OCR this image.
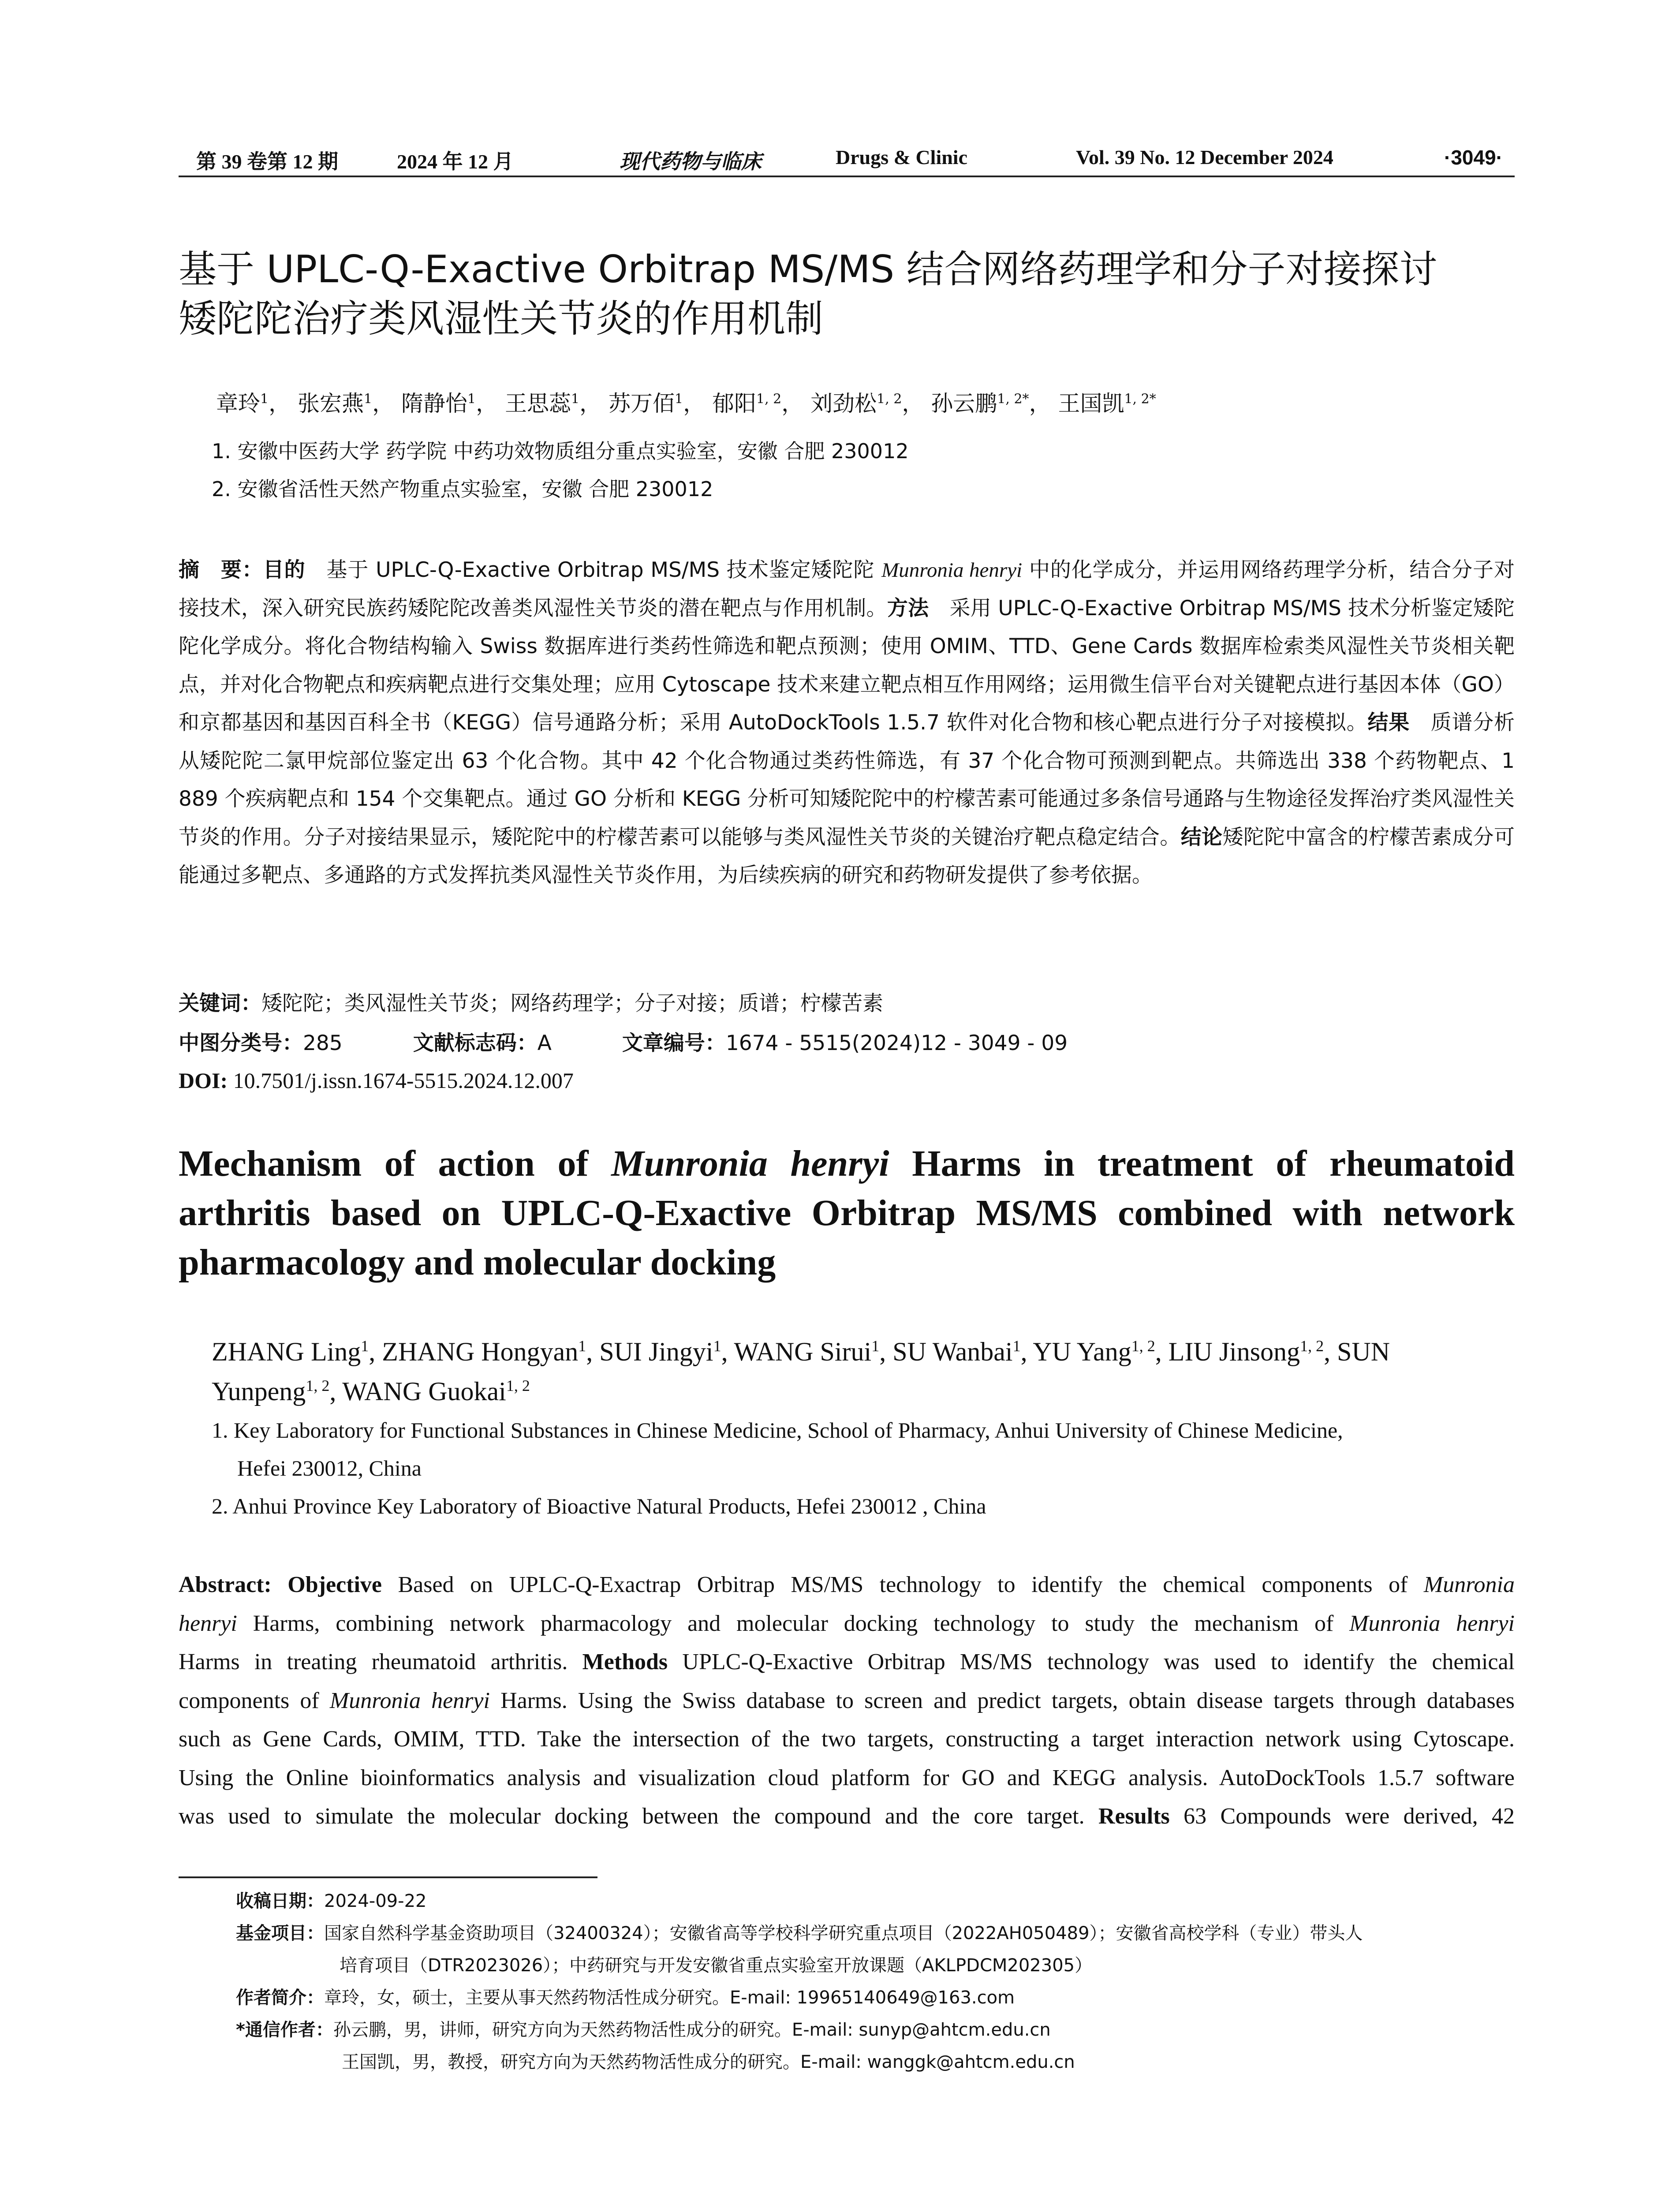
第 39 卷第 12 期	2024 年 12 月	现代药物与临床	Drugs & Clinic	Vol. 39 No. 12 December 2024	·3049·
基于 UPLC-Q-Exactive Orbitrap MS/MS 结合网络药理学和分子对接探讨
矮陀陀治疗类风湿性关节炎的作用机制
章玲$^1$， 张宏燕$^1$， 隋静怡$^1$， 王思蕊$^1$， 苏万佰$^1$， 郁阳$^{1, 2}$， 刘劲松$^{1, 2}$， 孙云鹏$^{1, 2*}$， 王国凯$^{1, 2*}$
1. 安徽中医药大学 药学院 中药功效物质组分重点实验室，安徽 合肥 230012
2. 安徽省活性天然产物重点实验室，安徽 合肥 230012
摘　要：目的　 基于 UPLC-Q-Exactive Orbitrap MS/MS 技术鉴定矮陀陀 Munronia henryi 中的化学成分，并运用网络药理学分析，结合分子对接技术，深入研究民族药矮陀陀改善类风湿性关节炎的潜在靶点与作用机制。方法　 采用 UPLC-Q-Exactive Orbitrap MS/MS 技术分析鉴定矮陀陀化学成分。将化合物结构输入 Swiss 数据库进行类药性筛选和靶点预测；使用 OMIM、TTD、Gene Cards 数据库检索类风湿性关节炎相关靶点，并对化合物靶点和疾病靶点进行交集处理；应用 Cytoscape 技术来建立靶点相互作用网络；运用微生信平台对关键靶点进行基因本体（GO）和京都基因和基因百科全书（KEGG）信号通路分析；采用 AutoDockTools 1.5.7 软件对化合物和核心靶点进行分子对接模拟。结果　 质谱分析从矮陀陀二氯甲烷部位鉴定出 63 个化合物。其中 42 个化合物通过类药性筛选，有 37 个化合物可预测到靶点。共筛选出 338 个药物靶点、1 889 个疾病靶点和 154 个交集靶点。通过 GO 分析和 KEGG 分析可知矮陀陀中的柠檬苦素可能通过多条信号通路与生物途径发挥治疗类风湿性关节炎的作用。分子对接结果显示，矮陀陀中的柠檬苦素可以能够与类风湿性关节炎的关键治疗靶点稳定结合。结论矮陀陀中富含的柠檬苦素成分可能通过多靶点、多通路的方式发挥抗类风湿性关节炎作用，为后续疾病的研究和药物研发提供了参考依据。
关键词：矮陀陀；类风湿性关节炎；网络药理学；分子对接；质谱；柠檬苦素
中图分类号：285	文献标志码：A	文章编号：1674 - 5515(2024)12 - 3049 - 09
DOI: 10.7501/j.issn.1674-5515.2024.12.007
Mechanism of action of Munronia henryi Harms in treatment of rheumatoid
arthritis based on UPLC-Q-Exactive Orbitrap MS/MS combined with network
pharmacology and molecular docking
ZHANG Ling$^1$, ZHANG Hongyan$^1$, SUI Jingyi$^1$, WANG Sirui$^1$, SU Wanbai$^1$, YU Yang$^{1, 2}$, LIU Jinsong$^{1, 2}$, SUN
Yunpeng$^{1, 2}$, WANG Guokai$^{1, 2}$
1. Key Laboratory for Functional Substances in Chinese Medicine, School of Pharmacy, Anhui University of Chinese Medicine,
Hefei 230012, China
2. Anhui Province Key Laboratory of Bioactive Natural Products, Hefei 230012 , China
Abstract: Objective Based on UPLC-Q-Exactrap Orbitrap MS/MS technology to identify the chemical components of Munronia
henryi Harms, combining network pharmacology and molecular docking technology to study the mechanism of Munronia henryi
Harms in treating rheumatoid arthritis. Methods UPLC-Q-Exactive Orbitrap MS/MS technology was used to identify the chemical
components of Munronia henryi Harms. Using the Swiss database to screen and predict targets, obtain disease targets through databases
such as Gene Cards, OMIM, TTD. Take the intersection of the two targets, constructing a target interaction network using Cytoscape.
Using the Online bioinformatics analysis and visualization cloud platform for GO and KEGG analysis. AutoDockTools 1.5.7 software
was used to simulate the molecular docking between the compound and the core target. Results 63 Compounds were derived, 42
收稿日期：2024-09-22
基金项目：国家自然科学基金资助项目（32400324）；安徽省高等学校科学研究重点项目（2022AH050489）；安徽省高校学科（专业）带头人
培育项目（DTR2023026）；中药研究与开发安徽省重点实验室开放课题（AKLPDCM202305）
作者简介：章玲，女，硕士，主要从事天然药物活性成分研究。E-mail: 19965140649@163.com
*通信作者：孙云鹏，男，讲师，研究方向为天然药物活性成分的研究。E-mail: sunyp@ahtcm.edu.cn
王国凯，男，教授，研究方向为天然药物活性成分的研究。E-mail: wanggk@ahtcm.edu.cn
